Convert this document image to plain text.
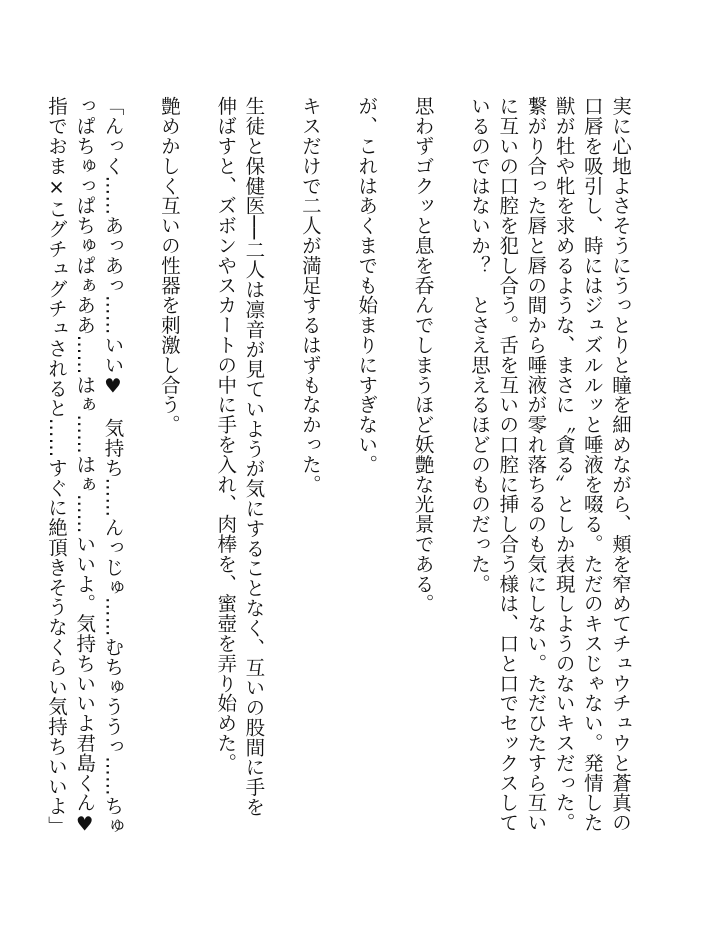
実に心地よさそうにうっとりと瞳を細めながら、頬を窄めてチュウチュウと蒼真の口唇を吸引し、時にはジュズルルッと唾液を啜る。ただのキスじゃない。発情した獣が牡や牝を求めるような、まさに〝貪る〟としか表現しようのないキスだった。

繋がり合った唇と唇の間から唾液が零れ落ちるのも気にしない。ただひたすら互いに互いの口腔を犯し合う。舌を互いの口腔に挿し合う様は、口と口でセックスしているのではないか？　とさえ思えるほどのものだった。

思わずゴクッと息を呑んでしまうほど妖艶な光景である。

が、これはあくまでも始まりにすぎない。

キスだけで二人が満足するはずもなかった。

生徒と保健医──二人は凛音が見ていようが気にすることなく、互いの股間に手を伸ばすと、ズボンやスカートの中に手を入れ、肉棒を、蜜壺を弄り始めた。

艶めかしく互いの性器を刺激し合う。

「んっく……あっあっ……いい♥　気持ち……んっじゅ……むちゅううっ……ちゅっぱちゅっぱちゅぱぁああ……はぁ……はぁ……いいよ。気持ちいいよ君島くん♥　指でおま×こグチュグチュされると……すぐに絶頂きそうなくらい気持ちいいよ」
